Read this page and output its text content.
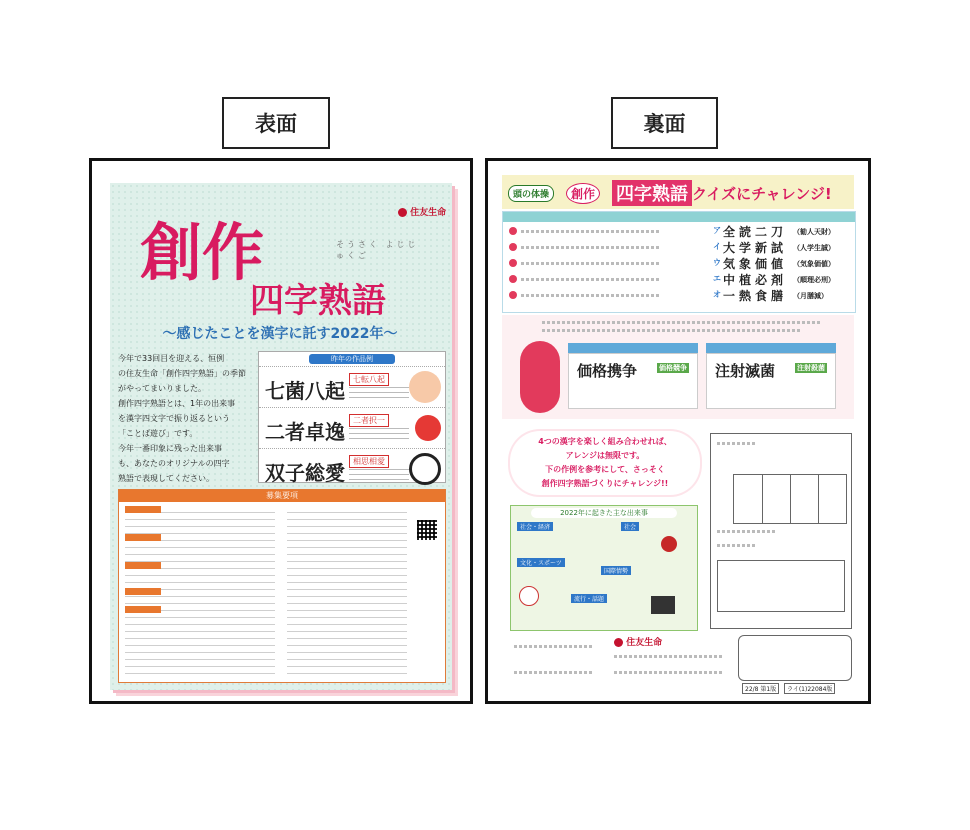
表面	裏面
住友生命
創作	そうさく よじじゅくご
四字熟語
～感じたことを漢字に託す2022年～
今年で33回目を迎える、恒例
の住友生命「創作四字熟語」の季節
がやってまいりました。
創作四字熟語とは、1年の出来事
を漢字四文字で振り返るという
「ことば遊び」です。
今年一番印象に残った出来事
も、あなたのオリジナルの四字
熟語で表現してください。
昨年の作品例
七菌八起	七転八起
二者卓逸	二者択一
双子総愛	相思相愛
募集要項
頭の体操	創作 四字熟語 クイズにチャレンジ!
ア 全読二刀 （勧人天財）
イ 大学新試 （人学生誠）
ウ 気象価値 （気象価値）
エ 中植必剤 （順理必刑）
オ 一熱食膳 （月膳減）
価格携争	価格競争 注射滅菌	注射殺菌
4つの漢字を楽しく組み合わせれば、
アレンジは無限です。
下の作例を参考にして、さっそく
創作四字熟語づくりにチャレンジ!!
2022年に起きた主な出来事
社会・経済
文化・スポーツ
社会
国際情勢
流行・話題
22/8 第1版	ライ(1)22084版
住友生命
